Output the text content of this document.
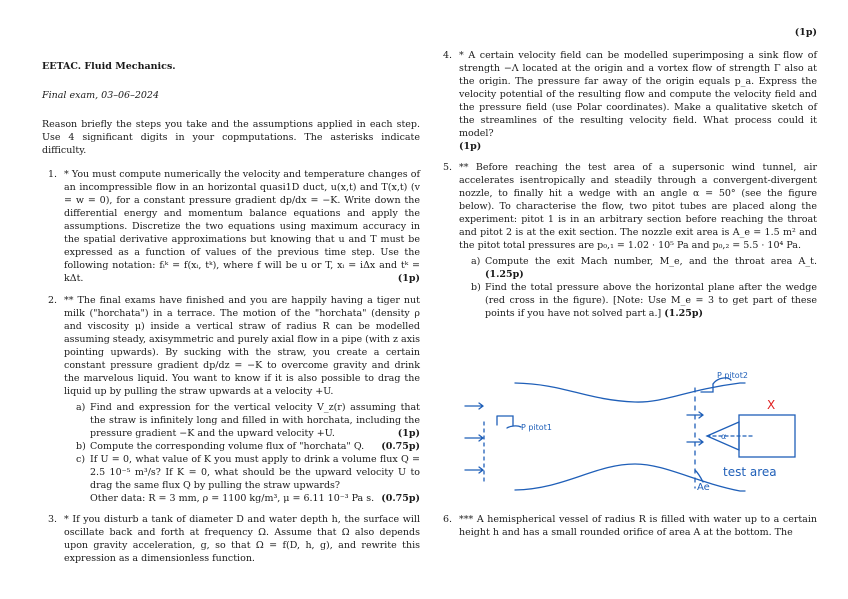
EETAC. Fluid Mechanics.

Final exam, 03–06–2024

Reason briefly the steps you take and the assumptions applied in each step. Use 4 significant digits in your copmputations. The asterisks indicate difficulty.

1. * You must compute numerically the velocity and temperature changes of an incompressible flow in an horizontal quasi1D duct, u(x,t) and T(x,t) (v = w = 0), for a constant pressure gradient dp/dx = −K. Write down the differential energy and momentum balance equations and apply the assumptions. Discretize the two equations using maximum accuracy in the spatial derivative approximations but knowing that u and T must be expressed as a function of values of the previous time step. Use the following notation: fᵢᵏ = f(xᵢ, tᵏ), where f will be u or T, xᵢ = iΔx and tᵏ = kΔt.	(1p)
2. ** The final exams have finished and you are happily having a tiger nut milk ("horchata") in a terrace. The motion of the "horchata" (density ρ and viscosity μ) inside a vertical straw of radius R can be modelled assuming steady, axisymmetric and purely axial flow in a pipe (with z axis pointing upwards). By sucking with the straw, you create a certain constant pressure gradient dp/dz = −K to overcome gravity and drink the marvelous liquid. You want to know if it is also possible to drag the liquid up by pulling the straw upwards at a velocity +U.
a) Find and expression for the vertical velocity V_z(r) assuming that the straw is infinitely long and filled in with horchata, including the pressure gradient −K and the upward velocity +U.	(1p)
b) Compute the corresponding volume flux of "horchata" Q. (0.75p)
c) If U = 0, what value of K you must apply to drink a volume flux Q = 2.5 10⁻⁵ m³/s? If K = 0, what should be the upward velocity U to drag the same flux Q by pulling the straw upwards?
Other data: R = 3 mm, ρ = 1100 kg/m³, μ = 6.11 10⁻³ Pa s. (0.75p)
3. * If you disturb a tank of diameter D and water depth h, the surface will oscillate back and forth at frequency Ω. Assume that Ω also depends upon gravity acceleration, g, so that Ω = f(D, h, g), and rewrite this expression as a dimensionless function.
(1p)
4. * A certain velocity field can be modelled superimposing a sink flow of strength −Λ located at the origin and a vortex flow of strength Γ also at the origin. The pressure far away of the origin equals p_a. Express the velocity potential of the resulting flow and compute the velocity field and the pressure field (use Polar coordinates). Make a qualitative sketch of the streamlines of the resulting velocity field. What process could it model?
(1p)
5. ** Before reaching the test area of a supersonic wind tunnel, air accelerates isentropically and steadily through a convergent-divergent nozzle, to finally hit a wedge with an angle α = 50° (see the figure below). To characterise the flow, two pitot tubes are placed along the experiment: pitot 1 is in an arbitrary section before reaching the throat and pitot 2 is at the exit section. The nozzle exit area is A_e = 1.5 m² and the pitot total pressures are p₀,₁ = 1.02 · 10⁵ Pa and p₀,₂ = 5.5 · 10⁴ Pa.
a) Compute the exit Mach number, M_e, and the throat area A_t. (1.25p)
b) Find the total pressure above the horizontal plane after the wedge (red cross in the figure). [Note: Use M_e = 3 to get part of these points if you have not solved part a.] (1.25p)
P pitot1
P pitot2
X
α
Ae
test area
6. *** A hemispherical vessel of radius R is filled with water up to a certain height h and has a small rounded orifice of area A at the bottom. The
